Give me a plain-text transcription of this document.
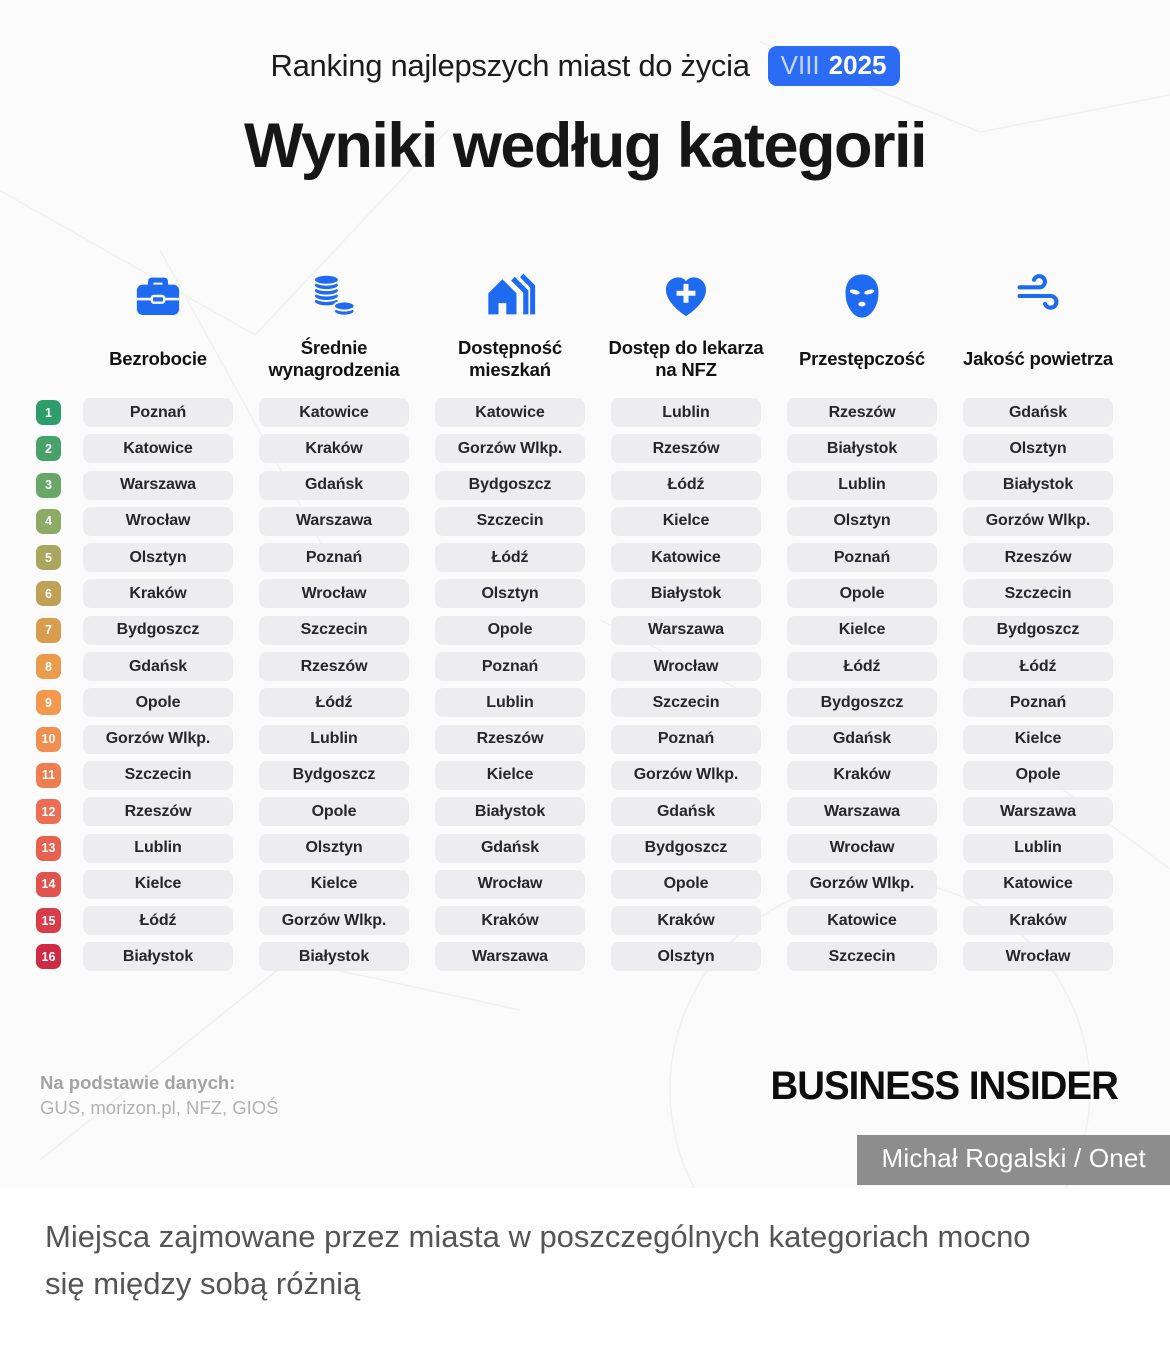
Ranking najlepszych miast do życia VIII 2025
Wyniki według kategorii
1
2
3
4
5
6
7
8
9
10
11
12
13
14
15
16
Bezrobocie
Poznań
Katowice
Warszawa
Wrocław
Olsztyn
Kraków
Bydgoszcz
Gdańsk
Opole
Gorzów Wlkp.
Szczecin
Rzeszów
Lublin
Kielce
Łódź
Białystok
Średnie wynagrodzenia
Katowice
Kraków
Gdańsk
Warszawa
Poznań
Wrocław
Szczecin
Rzeszów
Łódź
Lublin
Bydgoszcz
Opole
Olsztyn
Kielce
Gorzów Wlkp.
Białystok
Dostępność mieszkań
Katowice
Gorzów Wlkp.
Bydgoszcz
Szczecin
Łódź
Olsztyn
Opole
Poznań
Lublin
Rzeszów
Kielce
Białystok
Gdańsk
Wrocław
Kraków
Warszawa
Dostęp do lekarza na NFZ
Lublin
Rzeszów
Łódź
Kielce
Katowice
Białystok
Warszawa
Wrocław
Szczecin
Poznań
Gorzów Wlkp.
Gdańsk
Bydgoszcz
Opole
Kraków
Olsztyn
Przestępczość
Rzeszów
Białystok
Lublin
Olsztyn
Poznań
Opole
Kielce
Łódź
Bydgoszcz
Gdańsk
Kraków
Warszawa
Wrocław
Gorzów Wlkp.
Katowice
Szczecin
Jakość powietrza
Gdańsk
Olsztyn
Białystok
Gorzów Wlkp.
Rzeszów
Szczecin
Bydgoszcz
Łódź
Poznań
Kielce
Opole
Warszawa
Lublin
Katowice
Kraków
Wrocław
Na podstawie danych:
GUS, morizon.pl, NFZ, GIOŚ	BUSINESS INSIDER
Michał Rogalski / Onet
Miejsca zajmowane przez miasta w poszczególnych kategoriach mocno się między sobą różnią
